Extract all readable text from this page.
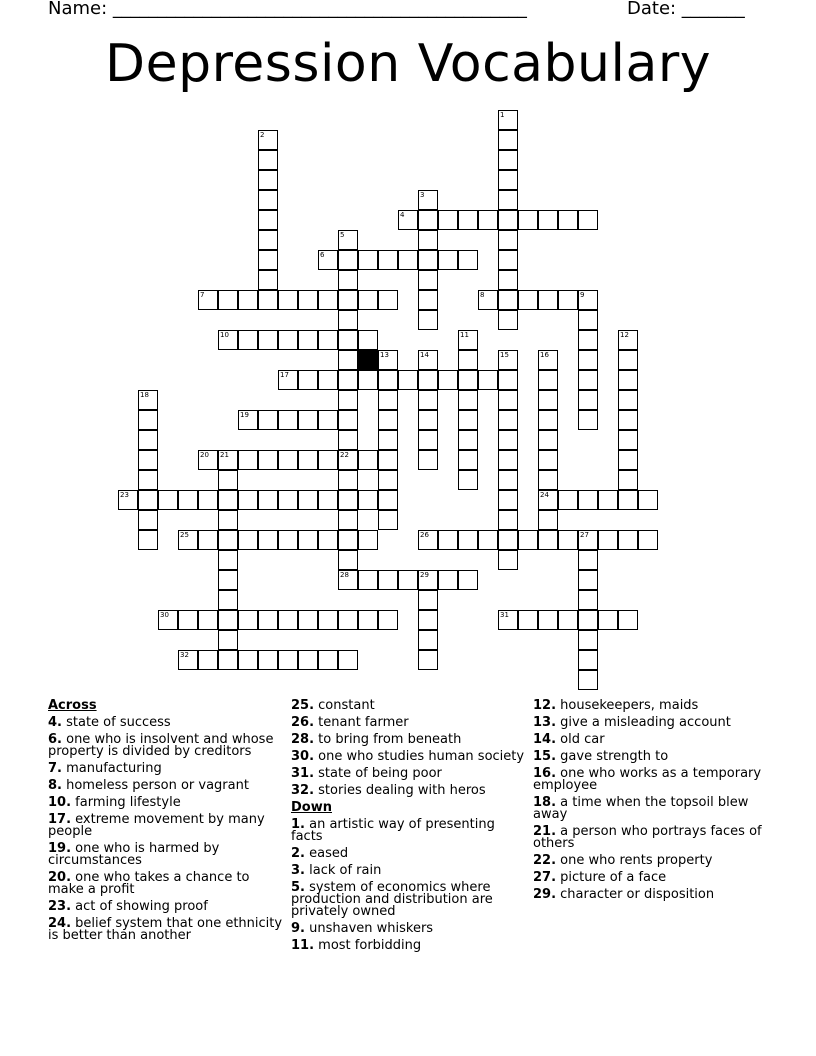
Name: ______________________________________________	Date: _______
Depression Vocabulary
4
6
7	8	9
10
17
19
20 21	22
23	24
25	26	27
28	29
30	31
32
1
2
3
5
11	12
13	14	15	16
18
Across
4. state of success
6. one who is insolvent and whose property is divided by creditors
7. manufacturing
8. homeless person or vagrant
10. farming lifestyle
17. extreme movement by many people
19. one who is harmed by circumstances
20. one who takes a chance to make a profit
23. act of showing proof
24. belief system that one ethnicity is better than another
25. constant
26. tenant farmer
28. to bring from beneath
30. one who studies human society
31. state of being poor
32. stories dealing with heros
Down
1. an artistic way of presenting facts
2. eased
3. lack of rain
5. system of economics where production and distribution are privately owned
9. unshaven whiskers
11. most forbidding
12. housekeepers, maids
13. give a misleading account
14. old car
15. gave strength to
16. one who works as a temporary employee
18. a time when the topsoil blew away
21. a person who portrays faces of others
22. one who rents property
27. picture of a face
29. character or disposition
